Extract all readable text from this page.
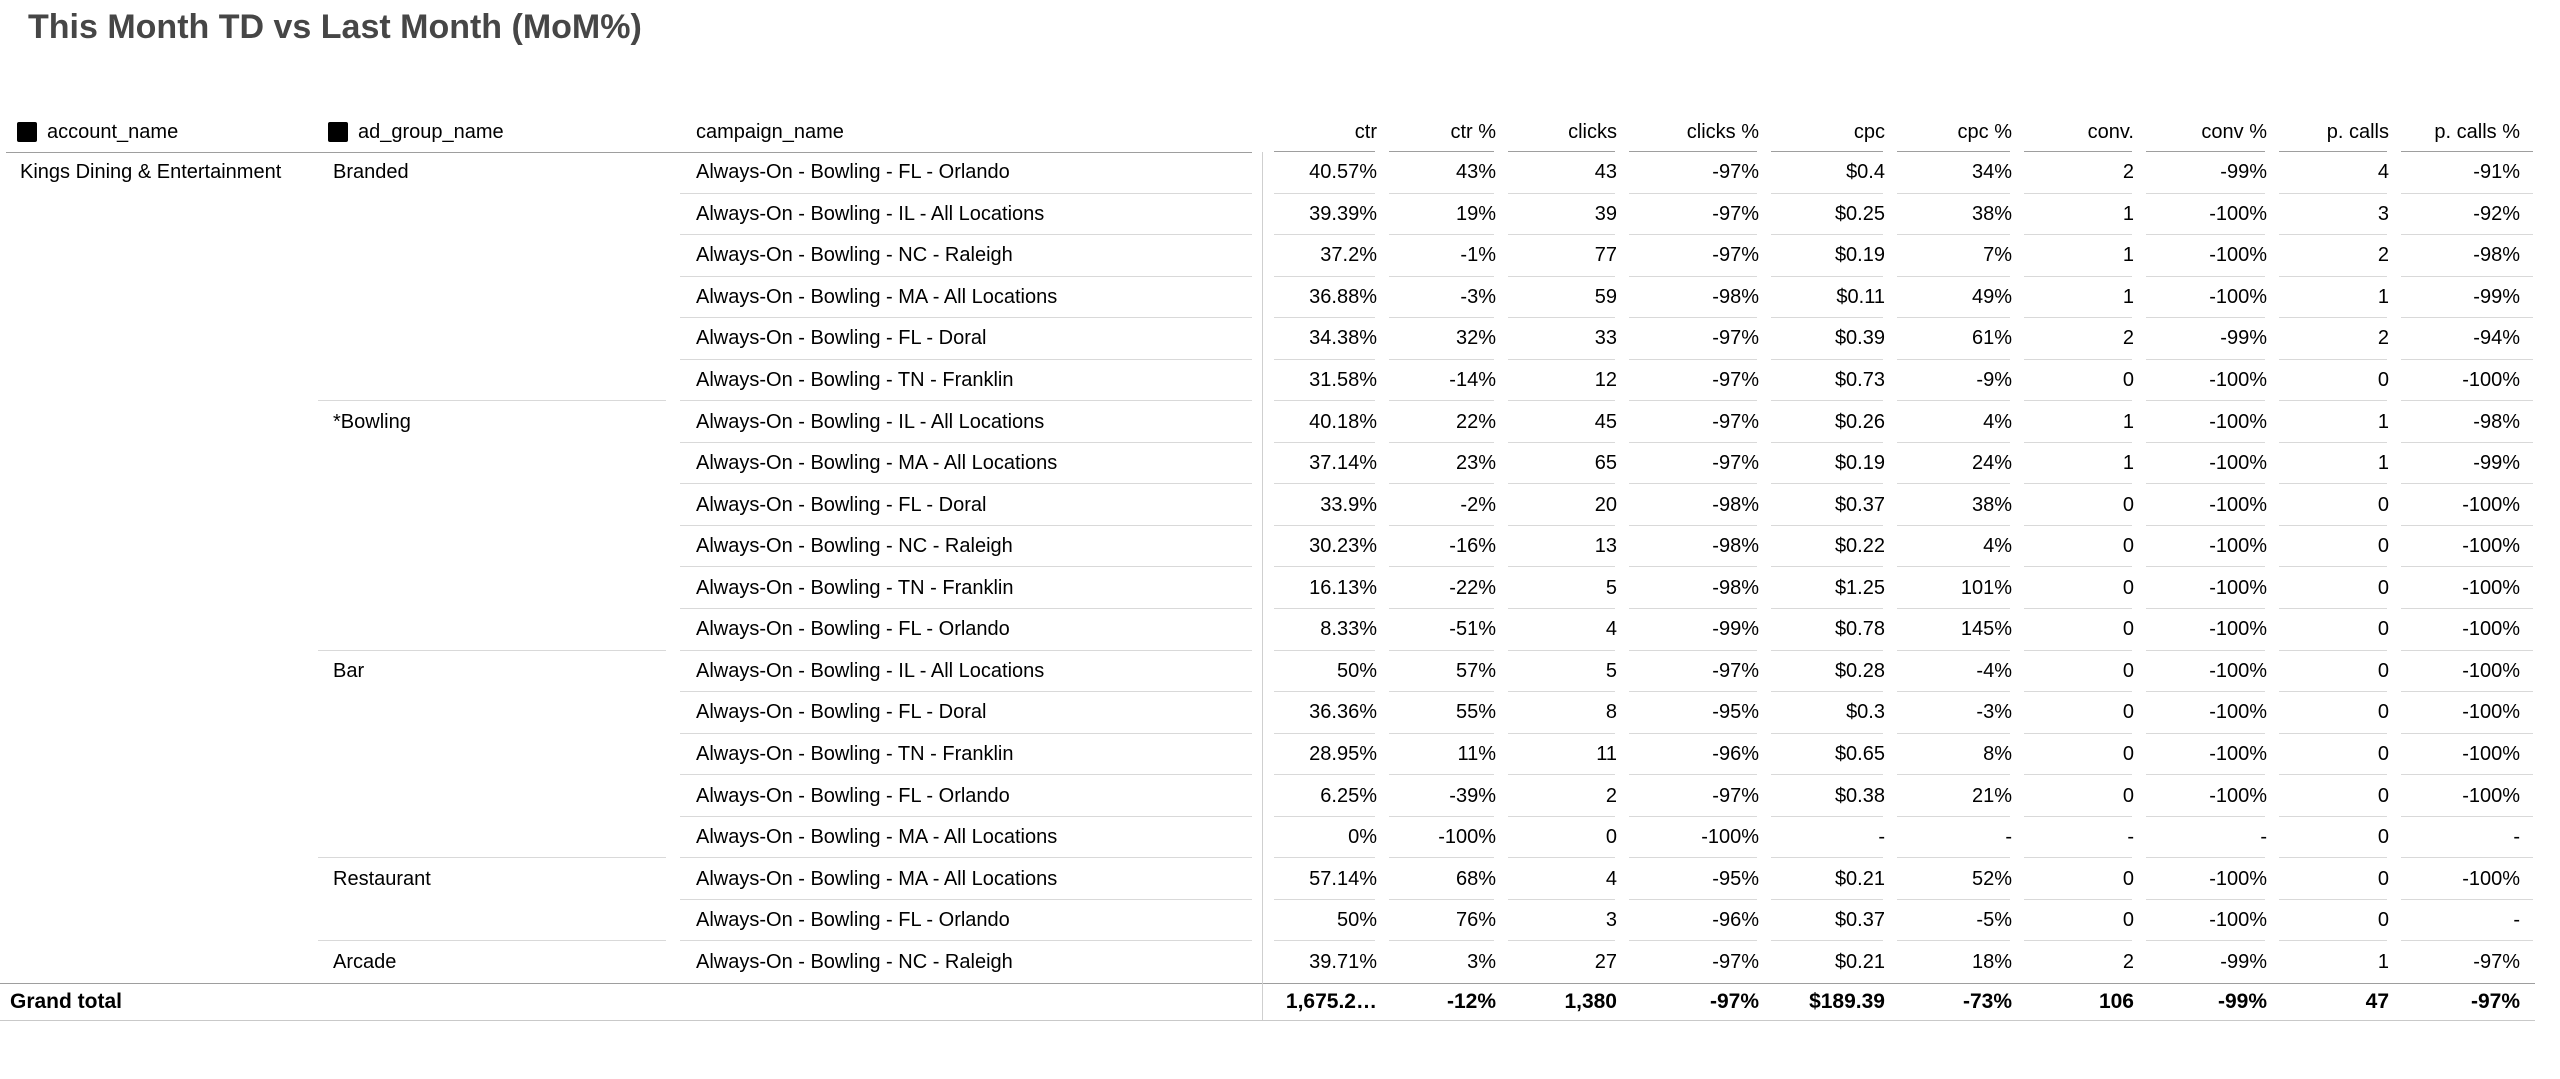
This Month TD vs Last Month (MoM%)
account_name	ad_group_name	campaign_name	ctr	ctr %	clicks	clicks %	cpc	cpc %	conv.	conv %	p. calls	p. calls %
Kings Dining & Entertainment	Branded	Always-On - Bowling - FL - Orlando	40.57%	43%	43	-97%	$0.4	34%	2	-99%	4	-91%
Always-On - Bowling - IL - All Locations	39.39%	19%	39	-97%	$0.25	38%	1	-100%	3	-92%
Always-On - Bowling - NC - Raleigh	37.2%	-1%	77	-97%	$0.19	7%	1	-100%	2	-98%
Always-On - Bowling - MA - All Locations	36.88%	-3%	59	-98%	$0.11	49%	1	-100%	1	-99%
Always-On - Bowling - FL - Doral	34.38%	32%	33	-97%	$0.39	61%	2	-99%	2	-94%
Always-On - Bowling - TN - Franklin	31.58%	-14%	12	-97%	$0.73	-9%	0	-100%	0	-100%
*Bowling	Always-On - Bowling - IL - All Locations	40.18%	22%	45	-97%	$0.26	4%	1	-100%	1	-98%
Always-On - Bowling - MA - All Locations	37.14%	23%	65	-97%	$0.19	24%	1	-100%	1	-99%
Always-On - Bowling - FL - Doral	33.9%	-2%	20	-98%	$0.37	38%	0	-100%	0	-100%
Always-On - Bowling - NC - Raleigh	30.23%	-16%	13	-98%	$0.22	4%	0	-100%	0	-100%
Always-On - Bowling - TN - Franklin	16.13%	-22%	5	-98%	$1.25	101%	0	-100%	0	-100%
Always-On - Bowling - FL - Orlando	8.33%	-51%	4	-99%	$0.78	145%	0	-100%	0	-100%
Bar	Always-On - Bowling - IL - All Locations	50%	57%	5	-97%	$0.28	-4%	0	-100%	0	-100%
Always-On - Bowling - FL - Doral	36.36%	55%	8	-95%	$0.3	-3%	0	-100%	0	-100%
Always-On - Bowling - TN - Franklin	28.95%	11%	11	-96%	$0.65	8%	0	-100%	0	-100%
Always-On - Bowling - FL - Orlando	6.25%	-39%	2	-97%	$0.38	21%	0	-100%	0	-100%
Always-On - Bowling - MA - All Locations	0%	-100%	0	-100%	-	-	-	-	0	-
Restaurant	Always-On - Bowling - MA - All Locations	57.14%	68%	4	-95%	$0.21	52%	0	-100%	0	-100%
Always-On - Bowling - FL - Orlando	50%	76%	3	-96%	$0.37	-5%	0	-100%	0	-
Arcade	Always-On - Bowling - NC - Raleigh	39.71%	3%	27	-97%	$0.21	18%	2	-99%	1	-97%
Grand total	1,675.2…	-12%	1,380	-97%	$189.39	-73%	106	-99%	47	-97%
